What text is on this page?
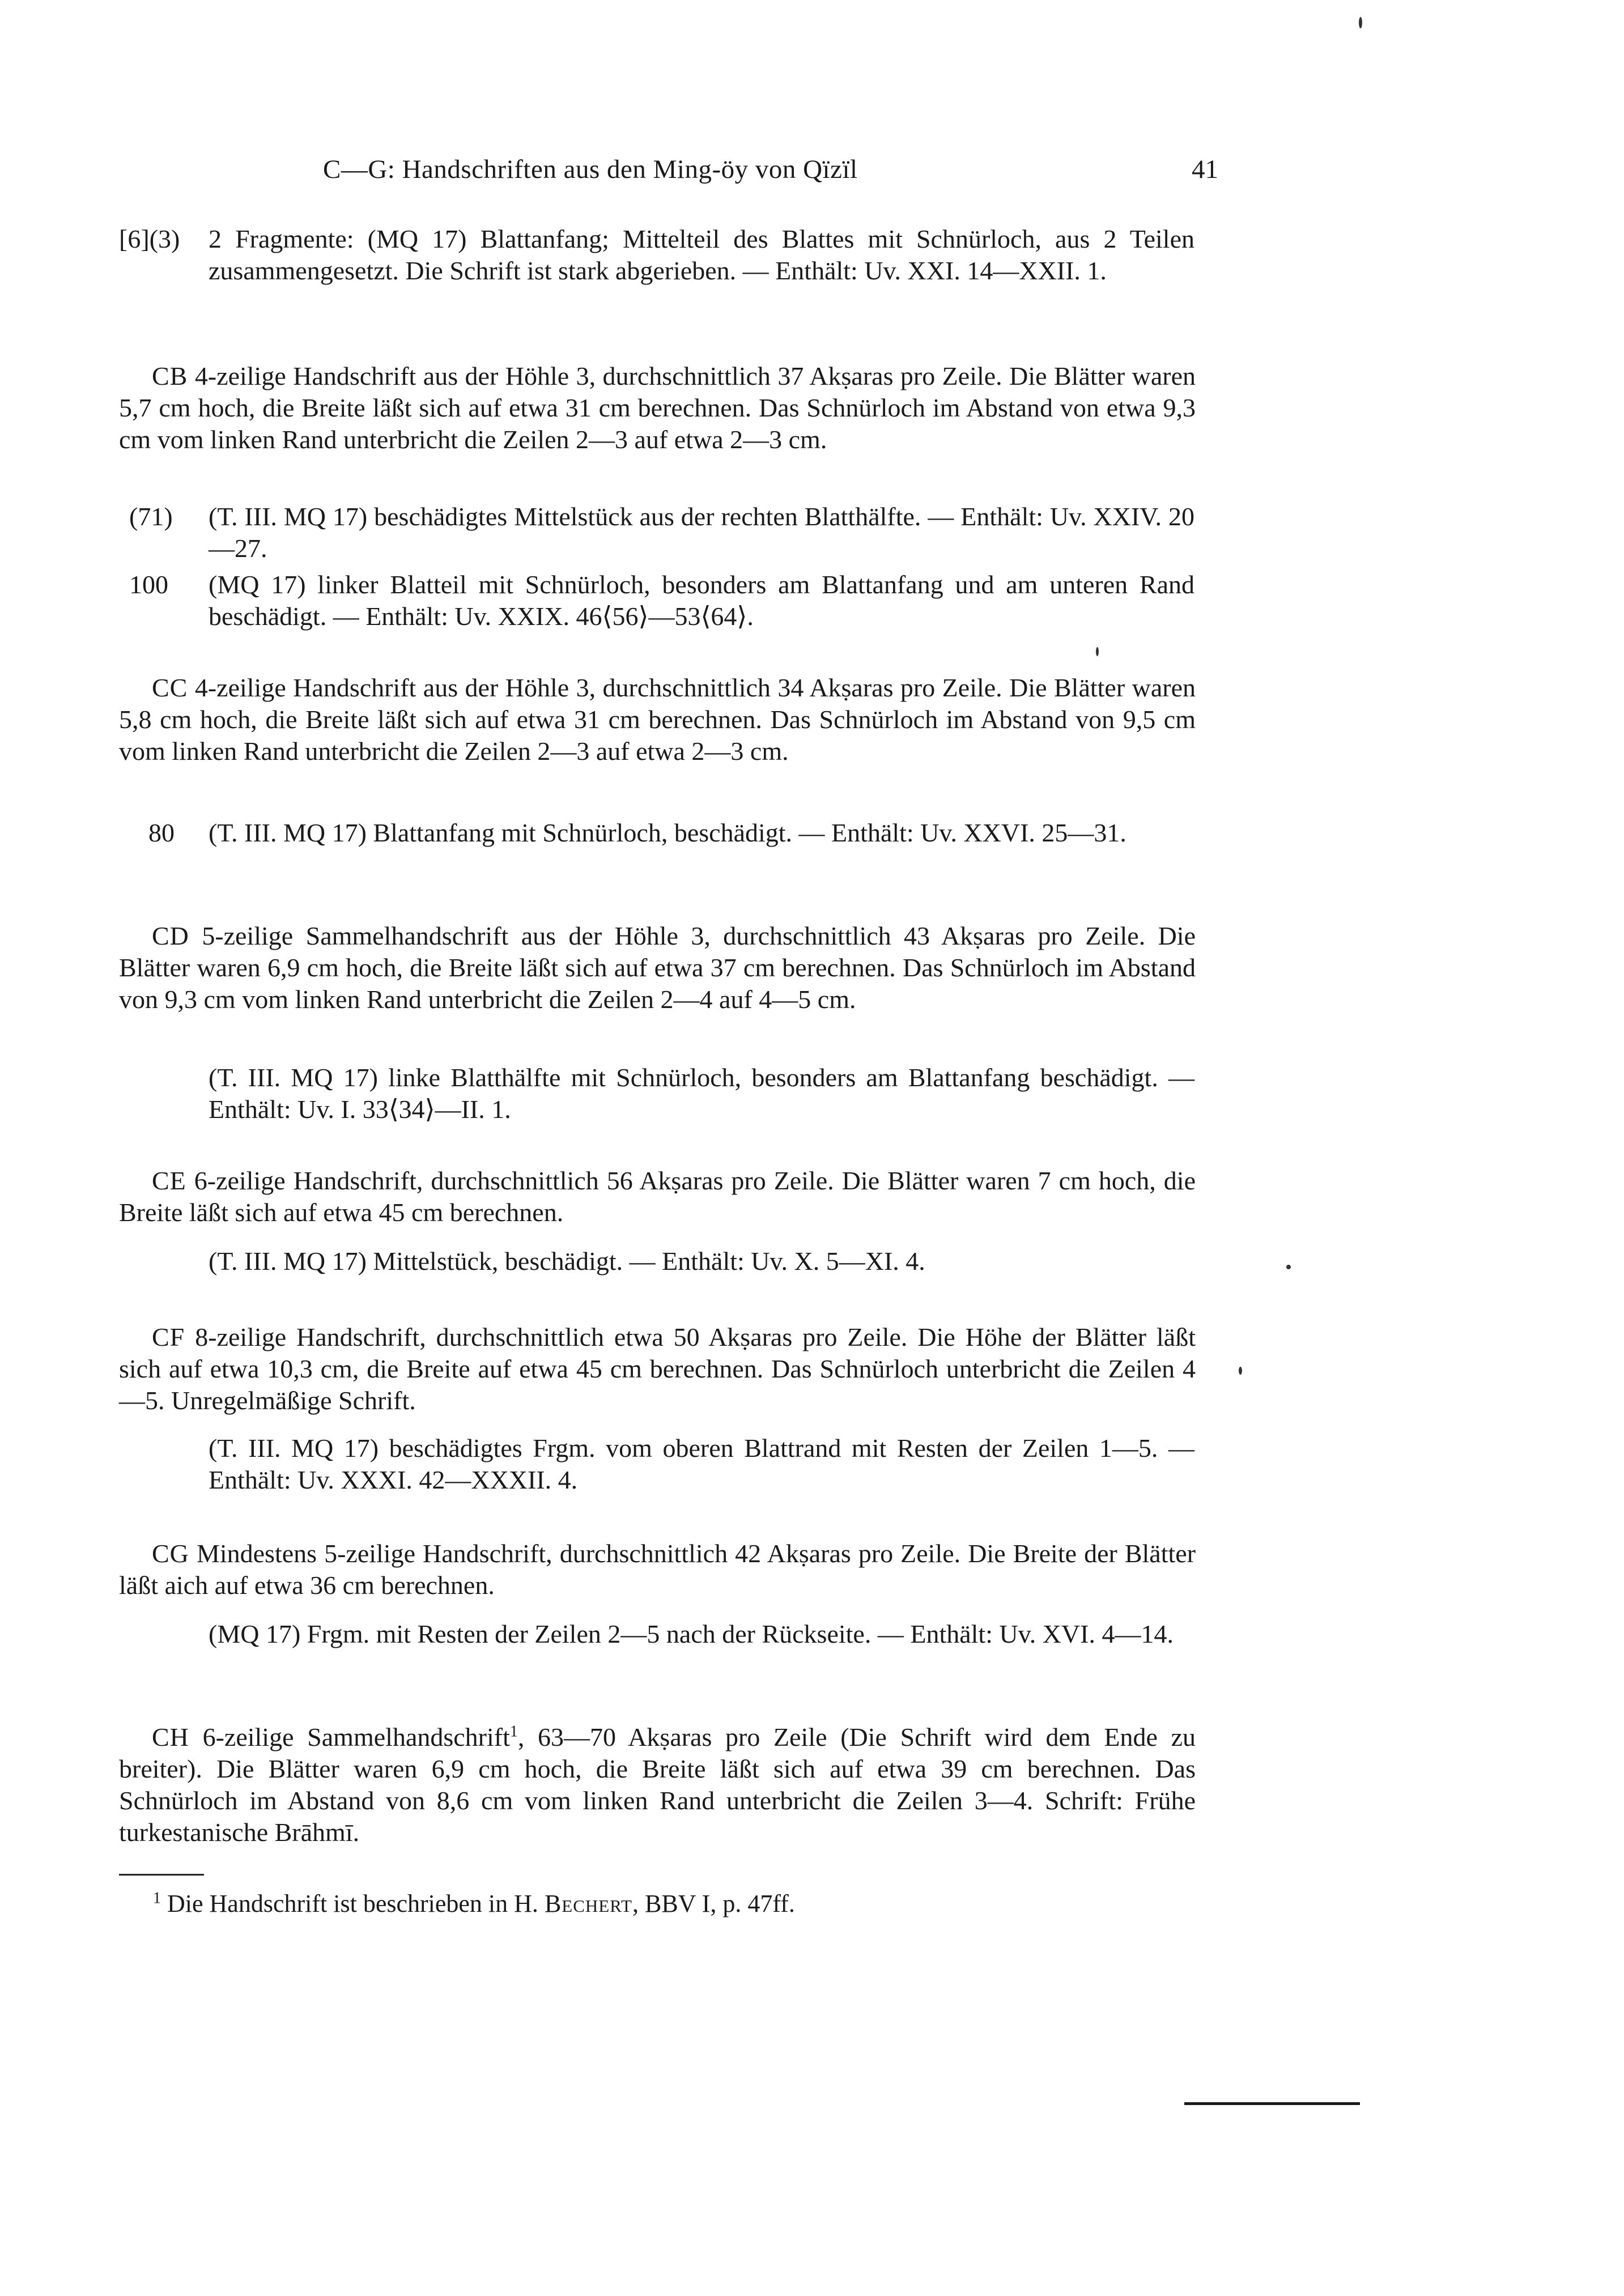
C—G: Handschriften aus den Ming-öy von Qïzïl	41
[6](3) 2 Fragmente: (MQ 17) Blattanfang; Mitteltei​l des Blattes mit Schnürloch, aus 2 Teilen zusammengesetzt. Die Schrift ist stark abgerieben. — Enthält: Uv. XXI. 14—XXII. 1.
CB 4-zeilige Handschrift aus der Höhle 3, durchschnittlich 37 Akṣaras pro Zeile. Die Blätter waren 5,7 cm hoch, die Breite läßt sich auf etwa 31 cm berechnen. Das Schnürloch im Abstand von etwa 9,3 cm vom linken Rand unterbricht die Zeilen 2—3 auf etwa 2—3 cm.
(71) (T. III. MQ 17) beschädigtes Mittelstück aus der rechten Blatthälfte. — Enthält: Uv. XXIV. 20—27.
100 (MQ 17) linker Blatteil mit Schnürloch, besonders am Blattanfang und am unteren Rand beschädigt. — Enthält: Uv. XXIX. 46⟨56⟩—53⟨64⟩.
CC 4-zeilige Handschrift aus der Höhle 3, durchschnittlich 34 Akṣaras pro Zeile. Die Blätter waren 5,8 cm hoch, die Breite läßt sich auf etwa 31 cm berechnen. Das Schnürloch im Abstand von 9,5 cm vom linken Rand unterbricht die Zeilen 2—3 auf etwa 2—3 cm.
80 (T. III. MQ 17) Blattanfang mit Schnürloch, beschädigt. — Enthält: Uv. XXVI. 25—31.
CD 5-zeilige Sammelhandschrift aus der Höhle 3, durchschnittlich 43 Akṣaras pro Zeile. Die Blätter waren 6,9 cm hoch, die Breite läßt sich auf etwa 37 cm berechnen. Das Schnürloch im Abstand von 9,3 cm vom linken Rand unterbricht die Zeilen 2—4 auf 4—5 cm.
(T. III. MQ 17) linke Blatthälfte mit Schnürloch, besonders am Blattanfang beschädigt. — Enthält: Uv. I. 33⟨34⟩—II. 1.
CE 6-zeilige Handschrift, durchschnittlich 56 Akṣaras pro Zeile. Die Blätter waren 7 cm hoch, die Breite läßt sich auf etwa 45 cm berechnen.
(T. III. MQ 17) Mittelstück, beschädigt. — Enthält: Uv. X. 5—XI. 4.
CF 8-zeilige Handschrift, durchschnittlich etwa 50 Akṣaras pro Zeile. Die Höhe der Blätter läßt sich auf etwa 10,3 cm, die Breite auf etwa 45 cm berechnen. Das Schnürloch unterbricht die Zeilen 4—5. Unregelmäßige Schrift.
(T. III. MQ 17) beschädigtes Frgm. vom oberen Blattrand mit Resten der Zeilen 1—5. — Enthält: Uv. XXXI. 42—XXXII. 4.
CG Mindestens 5-zeilige Handschrift, durchschnittlich 42 Akṣaras pro Zeile. Die Breite der Blätter läßt aich auf etwa 36 cm berechnen.
(MQ 17) Frgm. mit Resten der Zeilen 2—5 nach der Rückseite. — Enthält: Uv. XVI. 4—14.
CH 6-zeilige Sammelhandschrift$^1$, 63—70 Akṣaras pro Zeile (Die Schrift wird dem Ende zu breiter). Die Blätter waren 6,9 cm hoch, die Breite läßt sich auf etwa 39 cm berechnen. Das Schnürloch im Abstand von 8,6 cm vom linken Rand unterbricht die Zeilen 3—4. Schrift: Frühe turkestanische Brāhmī.
$^1$ Die Handschrift ist beschrieben in H. Bechert, BBV I, p. 47ff.
